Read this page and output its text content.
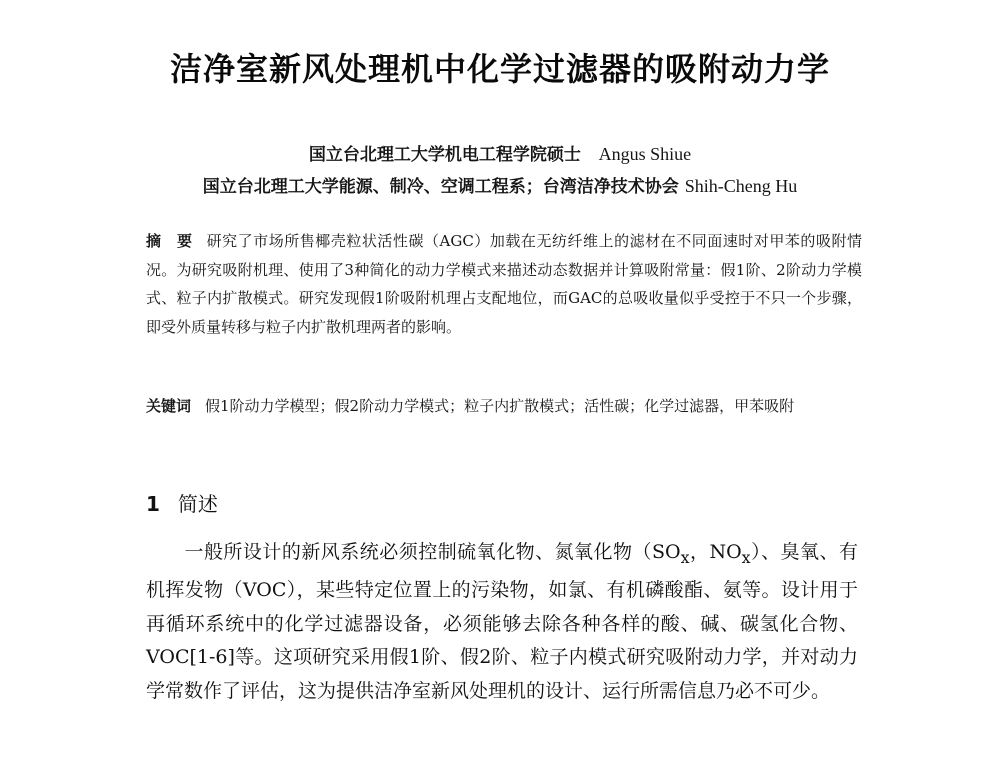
洁净室新风处理机中化学过滤器的吸附动力学
国立台北理工大学机电工程学院硕士 Angus Shiue
国立台北理工大学能源、制冷、空调工程系；台湾洁净技术协会 Shih-Cheng Hu
摘　要 研究了市场所售椰壳粒状活性碳（AGC）加载在无纺纤维上的滤材在不同面速时对甲苯的吸附情况。为研究吸附机理、使用了3种简化的动力学模式来描述动态数据并计算吸附常量：假1阶、2阶动力学模式、粒子内扩散模式。研究发现假1阶吸附机理占支配地位，而GAC的总吸收量似乎受控于不只一个步骤，即受外质量转移与粒子内扩散机理两者的影响。
关键词 假1阶动力学模型；假2阶动力学模式；粒子内扩散模式；活性碳；化学过滤器，甲苯吸附
1 简述
一般所设计的新风系统必须控制硫氧化物、氮氧化物（$SO_x$，$NO_x$）、臭氧、有机挥发物（VOC），某些特定位置上的污染物，如氯、有机磷酸酯、氨等。设计用于再循环系统中的化学过滤器设备，必须能够去除各种各样的酸、碱、碳氢化合物、VOC[1-6]等。这项研究采用假1阶、假2阶、粒子内模式研究吸附动力学，并对动力学常数作了评估，这为提供洁净室新风处理机的设计、运行所需信息乃必不可少。
